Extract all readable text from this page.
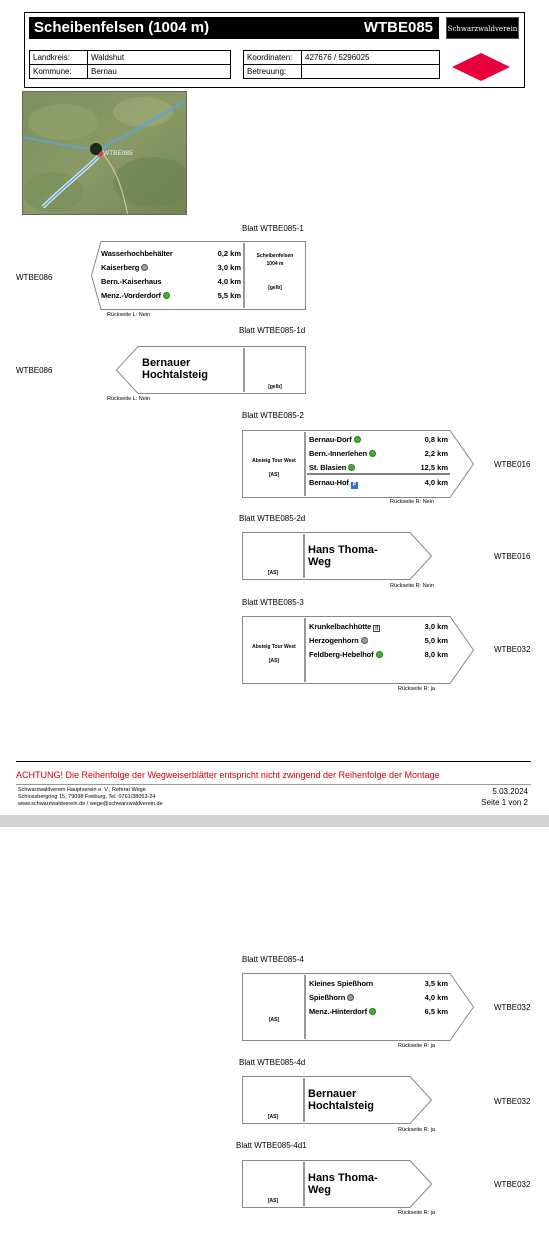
Scheibenfelsen (1004 m)	WTBE085 Schwarzwaldverein
Landkreis:	Waldshut
Kommune:	Bernau
Koordinaten:	427676 / 5296025
Betreuung:	
WTBE085
Blatt WTBE085-1
WTBE086
Wasserhochbehälter	0,2 km
Kaiserberg	3,0 km
Bern.-Kaiserhaus	4,0 km
Menz.-Vorderdorf	5,5 km
Scheibenfelsen
1004 m
[gelb]
Rückseite L: Nein
Blatt WTBE085-1d
WTBE086
Bernauer
Hochtalsteig
[gelb]
Rückseite L: Nein
Blatt WTBE085-2
WTBE016
Absteig Tour West
[AS]
Bernau-Dorf	0,8 km
Bern.-Innerlehen	2,2 km
St. Blasien	12,5 km
Bernau-Hof P	4,0 km
Rückseite R: Nein
Blatt WTBE085-2d
WTBE016
[AS]
Hans Thoma-
Weg
Rückseite R: Nein
Blatt WTBE085-3
WTBE032
Absteig Tour West
[AS]
Krunkelbachhütte !!	3,0 km
Herzogenhorn	5,0 km
Feldberg-Hebelhof	8,0 km
Rückseite R: ja
ACHTUNG! Die Reihenfolge der Wegweiserblätter entspricht nicht zwingend der Reihenfolge der Montage
Schwarzwaldverein Hauptverein e. V., Referat Wege
Schlossbergring 15, 79098 Freiburg, Tel. 0761/38053-24
www.schwarzwaldverein.de / wege@schwarzwaldverein.de
5.03.2024
Seite 1 von 2
Blatt WTBE085-4
WTBE032
[AS]
Kleines Spießhorn	3,5 km
Spießhorn	4,0 km
Menz.-Hinterdorf	6,5 km
Rückseite R: ja
Blatt WTBE085-4d
WTBE032
[AS]
Bernauer
Hochtalsteig
Rückseite R: ja
Blatt WTBE085-4d1
WTBE032
[AS]
Hans Thoma-
Weg
Rückseite R: ja
